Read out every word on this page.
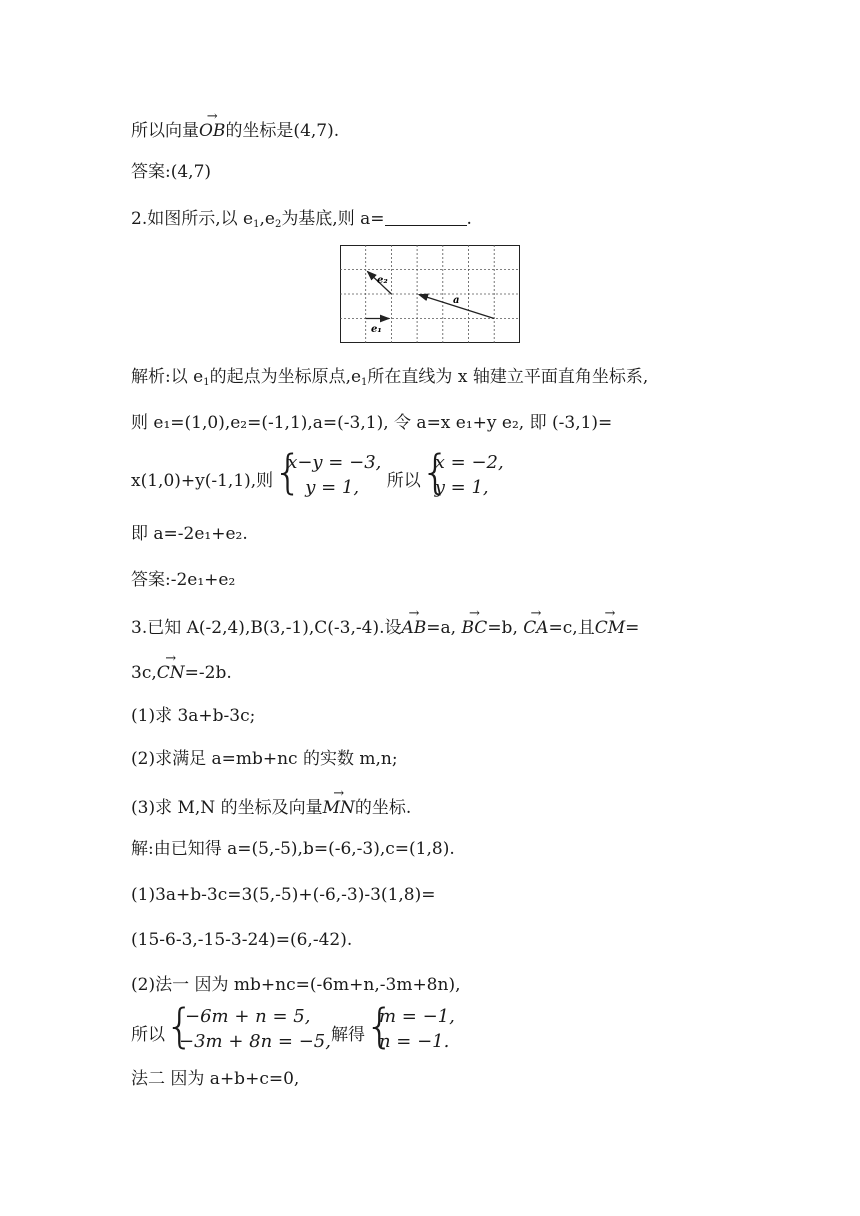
所以向量→ OB的坐标是(4,7).
答案:(4,7)
2.如图所示,以 $e_1,e_2$为基底,则 a=	.
e₁
e₂
a
解析:以 $e_1$的起点为坐标原点$,e_1$所在直线为 x 轴建立平面直角坐标系,
则 e₁=(1,0),e₂=(-1,1),a=(-3,1), 令 a=x e₁+y e₂, 即 (-3,1)=
x(1,0)+y(-1,1),则 {
x−y = −3,
y = 1,	所以 {
x = −2,
y = 1,
即 a=-2e₁+e₂.
答案:-2e₁+e₂
3.已知 A(-2,4),B(3,-1),C(-3,-4).设→ AB=a, → BC=b, → CA=c,且→ CM=
3c,→ CN=-2b.
(1)求 3a+b-3c;
(2)求满足 a=mb+nc 的实数 m,n;
(3)求 M,N 的坐标及向量→ MN的坐标.
解:由已知得 a=(5,-5),b=(-6,-3),c=(1,8).
(1)3a+b-3c=3(5,-5)+(-6,-3)-3(1,8)=
(15-6-3,-15-3-24)=(6,-42).
(2)法一 因为 mb+nc=(-6m+n,-3m+8n),
所以 {
−6m + n = 5,
−3m + 8n = −5, 解得 {
m = −1,
n = −1.
法二 因为 a+b+c=0,
